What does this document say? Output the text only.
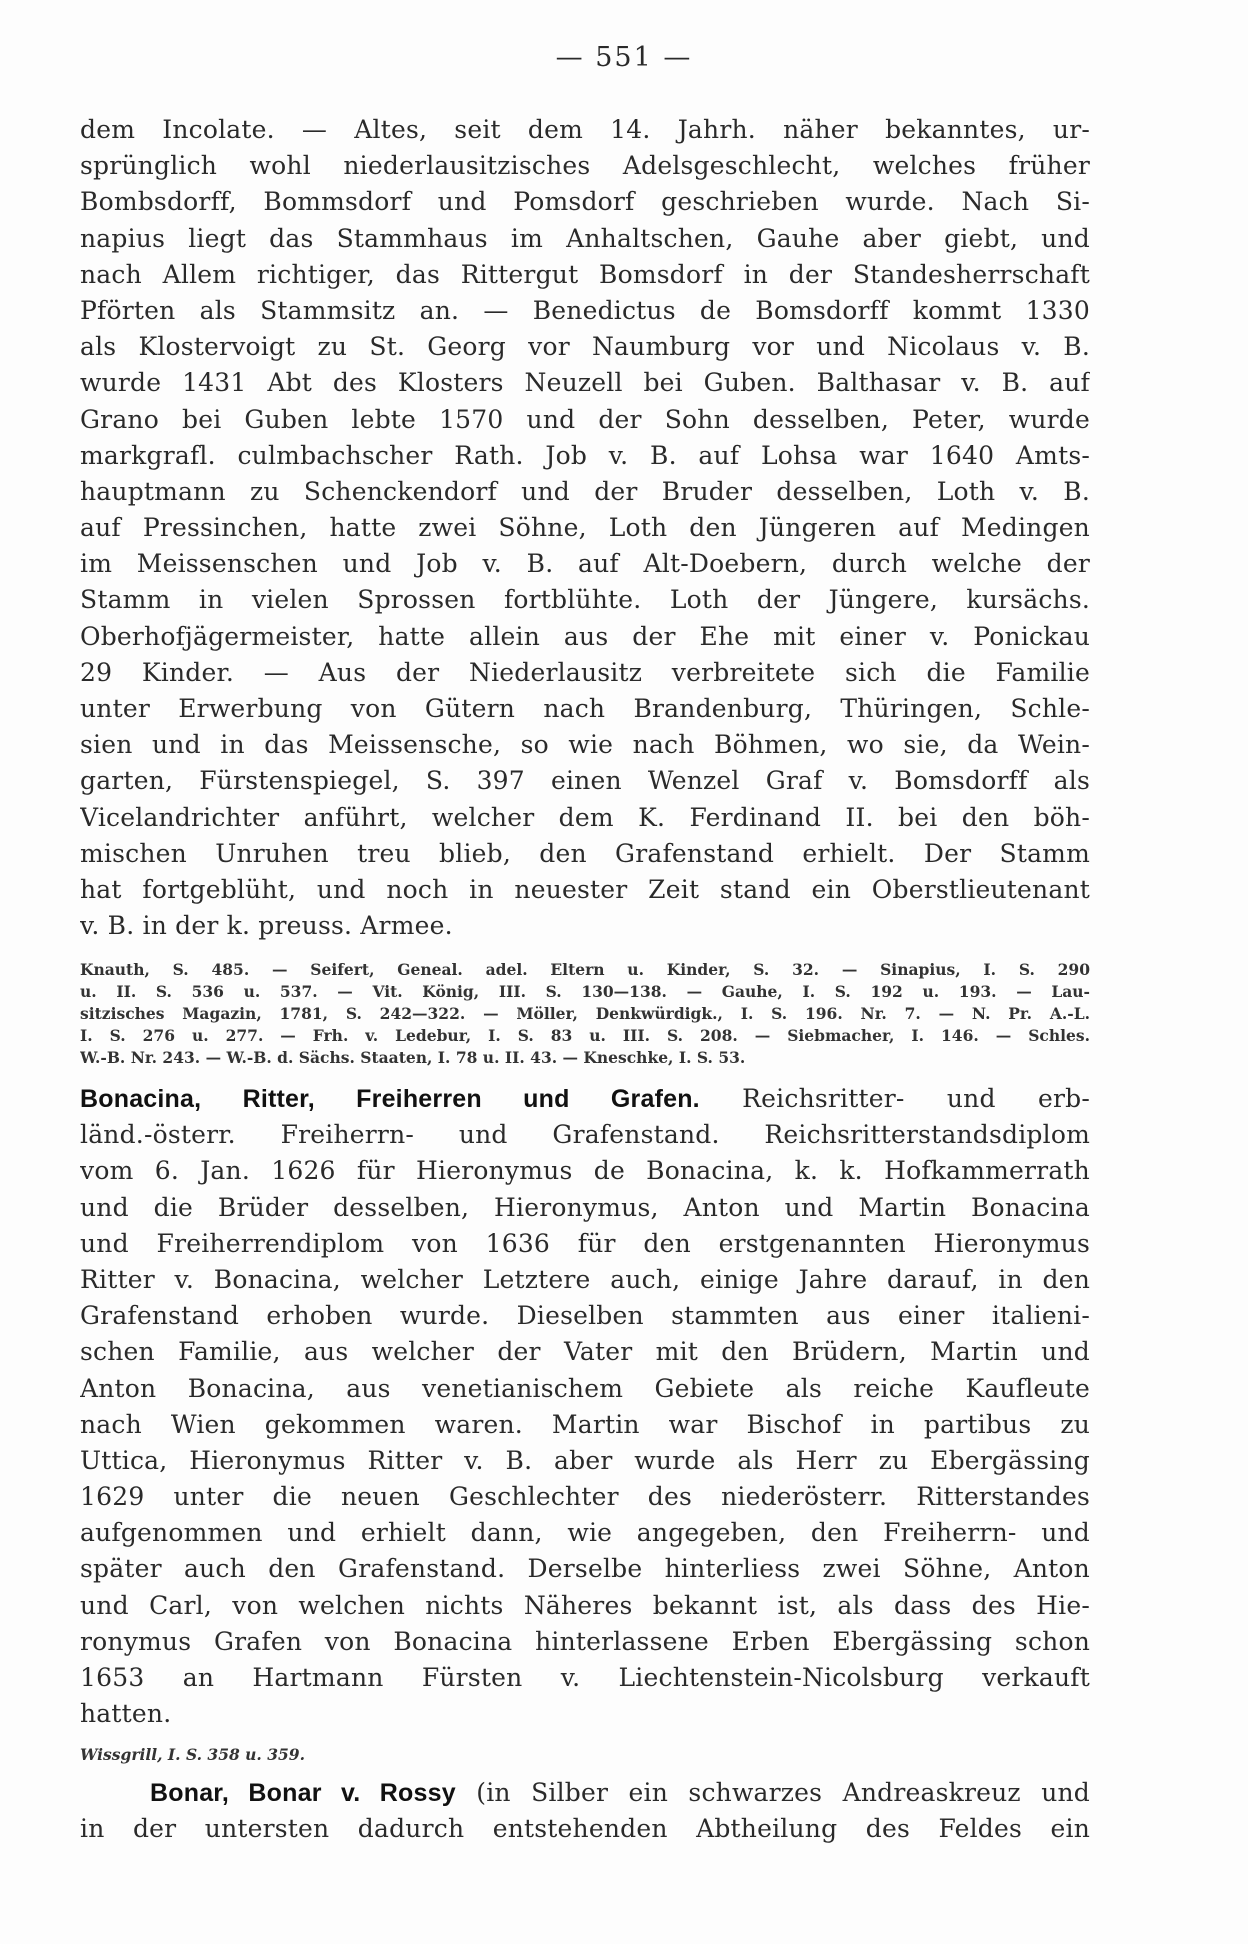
— 551 —
dem Incolate. — Altes, seit dem 14. Jahrh. näher bekanntes, ur-
sprünglich wohl niederlausitzisches Adelsgeschlecht, welches früher
Bombsdorff, Bommsdorf und Pomsdorf geschrieben wurde. Nach Si-
napius liegt das Stammhaus im Anhaltschen, Gauhe aber giebt, und
nach Allem richtiger, das Rittergut Bomsdorf in der Standesherrschaft
Pförten als Stammsitz an. — Benedictus de Bomsdorff kommt 1330
als Klostervoigt zu St. Georg vor Naumburg vor und Nicolaus v. B.
wurde 1431 Abt des Klosters Neuzell bei Guben. Balthasar v. B. auf
Grano bei Guben lebte 1570 und der Sohn desselben, Peter, wurde
markgrafl. culmbachscher Rath. Job v. B. auf Lohsa war 1640 Amts-
hauptmann zu Schenckendorf und der Bruder desselben, Loth v. B.
auf Pressinchen, hatte zwei Söhne, Loth den Jüngeren auf Medingen
im Meissenschen und Job v. B. auf Alt-Doebern, durch welche der
Stamm in vielen Sprossen fortblühte. Loth der Jüngere, kursächs.
Oberhofjägermeister, hatte allein aus der Ehe mit einer v. Ponickau
29 Kinder. — Aus der Niederlausitz verbreitete sich die Familie
unter Erwerbung von Gütern nach Brandenburg, Thüringen, Schle-
sien und in das Meissensche, so wie nach Böhmen, wo sie, da Wein-
garten, Fürstenspiegel, S. 397 einen Wenzel Graf v. Bomsdorff als
Vicelandrichter anführt, welcher dem K. Ferdinand II. bei den böh-
mischen Unruhen treu blieb, den Grafenstand erhielt. Der Stamm
hat fortgeblüht, und noch in neuester Zeit stand ein Oberstlieutenant
v. B. in der k. preuss. Armee.
Knauth, S. 485. — Seifert, Geneal. adel. Eltern u. Kinder, S. 32. — Sinapius, I. S. 290
u. II. S. 536 u. 537. — Vit. König, III. S. 130—138. — Gauhe, I. S. 192 u. 193. — Lau-
sitzisches Magazin, 1781, S. 242—322. — Möller, Denkwürdigk., I. S. 196. Nr. 7. — N. Pr. A.-L.
I. S. 276 u. 277. — Frh. v. Ledebur, I. S. 83 u. III. S. 208. — Siebmacher, I. 146. — Schles.
W.-B. Nr. 243. — W.-B. d. Sächs. Staaten, I. 78 u. II. 43. — Kneschke, I. S. 53.
Bonacina, Ritter, Freiherren und Grafen. Reichsritter- und erb-
länd.-österr. Freiherrn- und Grafenstand. Reichsritterstandsdiplom
vom 6. Jan. 1626 für Hieronymus de Bonacina, k. k. Hofkammerrath
und die Brüder desselben, Hieronymus, Anton und Martin Bonacina
und Freiherrendiplom von 1636 für den erstgenannten Hieronymus
Ritter v. Bonacina, welcher Letztere auch, einige Jahre darauf, in den
Grafenstand erhoben wurde. Dieselben stammten aus einer italieni-
schen Familie, aus welcher der Vater mit den Brüdern, Martin und
Anton Bonacina, aus venetianischem Gebiete als reiche Kaufleute
nach Wien gekommen waren. Martin war Bischof in partibus zu
Uttica, Hieronymus Ritter v. B. aber wurde als Herr zu Ebergässing
1629 unter die neuen Geschlechter des niederösterr. Ritterstandes
aufgenommen und erhielt dann, wie angegeben, den Freiherrn- und
später auch den Grafenstand. Derselbe hinterliess zwei Söhne, Anton
und Carl, von welchen nichts Näheres bekannt ist, als dass des Hie-
ronymus Grafen von Bonacina hinterlassene Erben Ebergässing schon
1653 an Hartmann Fürsten v. Liechtenstein-Nicolsburg verkauft
hatten.
Wissgrill, I. S. 358 u. 359.
Bonar, Bonar v. Rossy (in Silber ein schwarzes Andreaskreuz und
in der untersten dadurch entstehenden Abtheilung des Feldes ein
